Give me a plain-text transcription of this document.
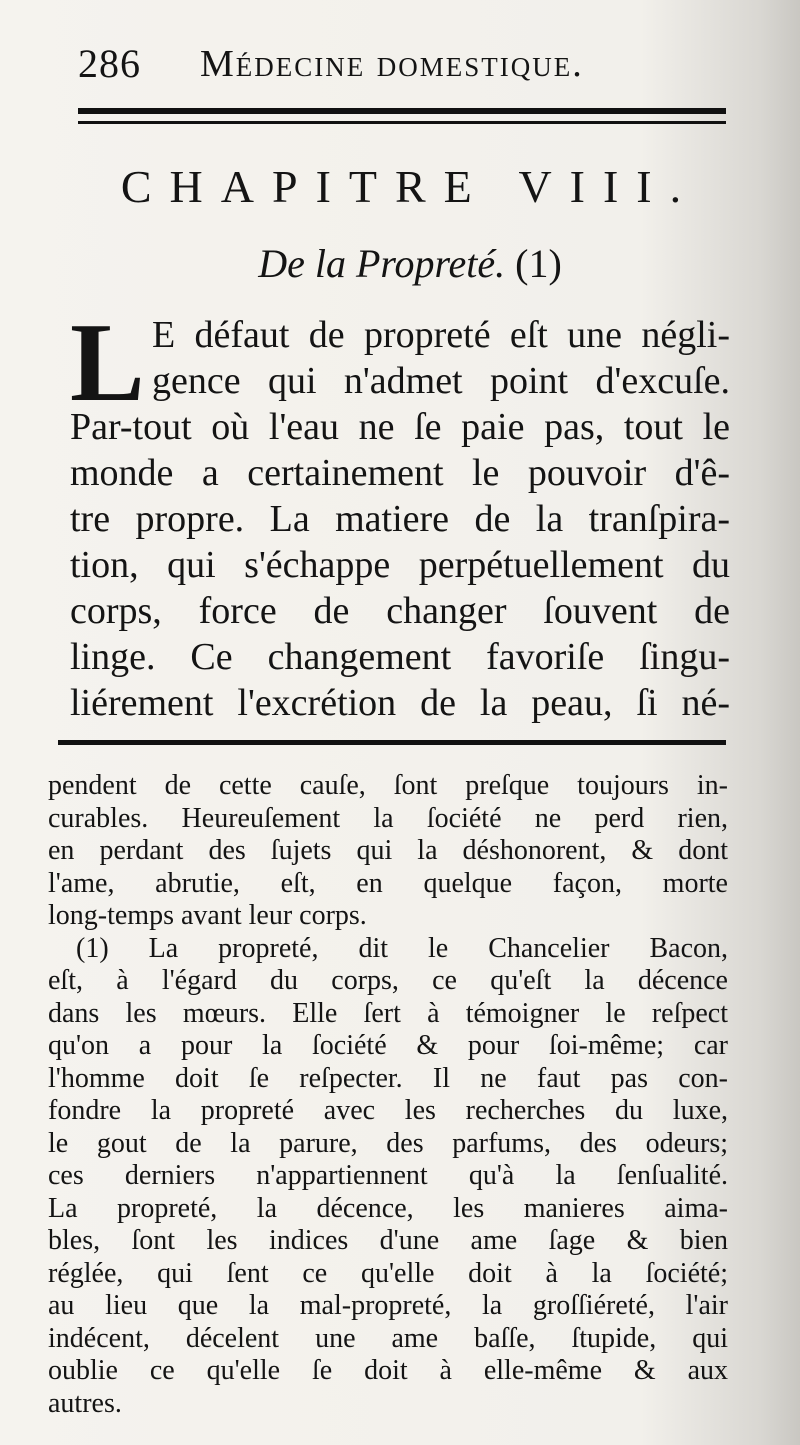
286 Médecine domestique.
CHAPITRE VIII.
De la Propreté. (1)
L E défaut de propreté eſt une négli-
gence qui n'admet point d'excuſe.
Par-tout où l'eau ne ſe paie pas, tout le
monde a certainement le pouvoir d'ê-
tre propre. La matiere de la tranſpira-
tion, qui s'échappe perpétuellement du
corps, force de changer ſouvent de
linge. Ce changement favoriſe ſingu-
liérement l'excrétion de la peau, ſi né-
pendent de cette cauſe, ſont preſque toujours in-
curables. Heureuſement la ſociété ne perd rien,
en perdant des ſujets qui la déshonorent, & dont
l'ame, abrutie, eſt, en quelque façon, morte
long-temps avant leur corps.
(1) La propreté, dit le Chancelier Bacon,
eſt, à l'égard du corps, ce qu'eſt la décence
dans les mœurs. Elle ſert à témoigner le reſpect
qu'on a pour la ſociété & pour ſoi-même; car
l'homme doit ſe reſpecter. Il ne faut pas con-
fondre la propreté avec les recherches du luxe,
le gout de la parure, des parfums, des odeurs;
ces derniers n'appartiennent qu'à la ſenſualité.
La propreté, la décence, les manieres aima-
bles, ſont les indices d'une ame ſage & bien
réglée, qui ſent ce qu'elle doit à la ſociété;
au lieu que la mal-propreté, la groſſiéreté, l'air
indécent, décelent une ame baſſe, ſtupide, qui
oublie ce qu'elle ſe doit à elle-même & aux
autres.
